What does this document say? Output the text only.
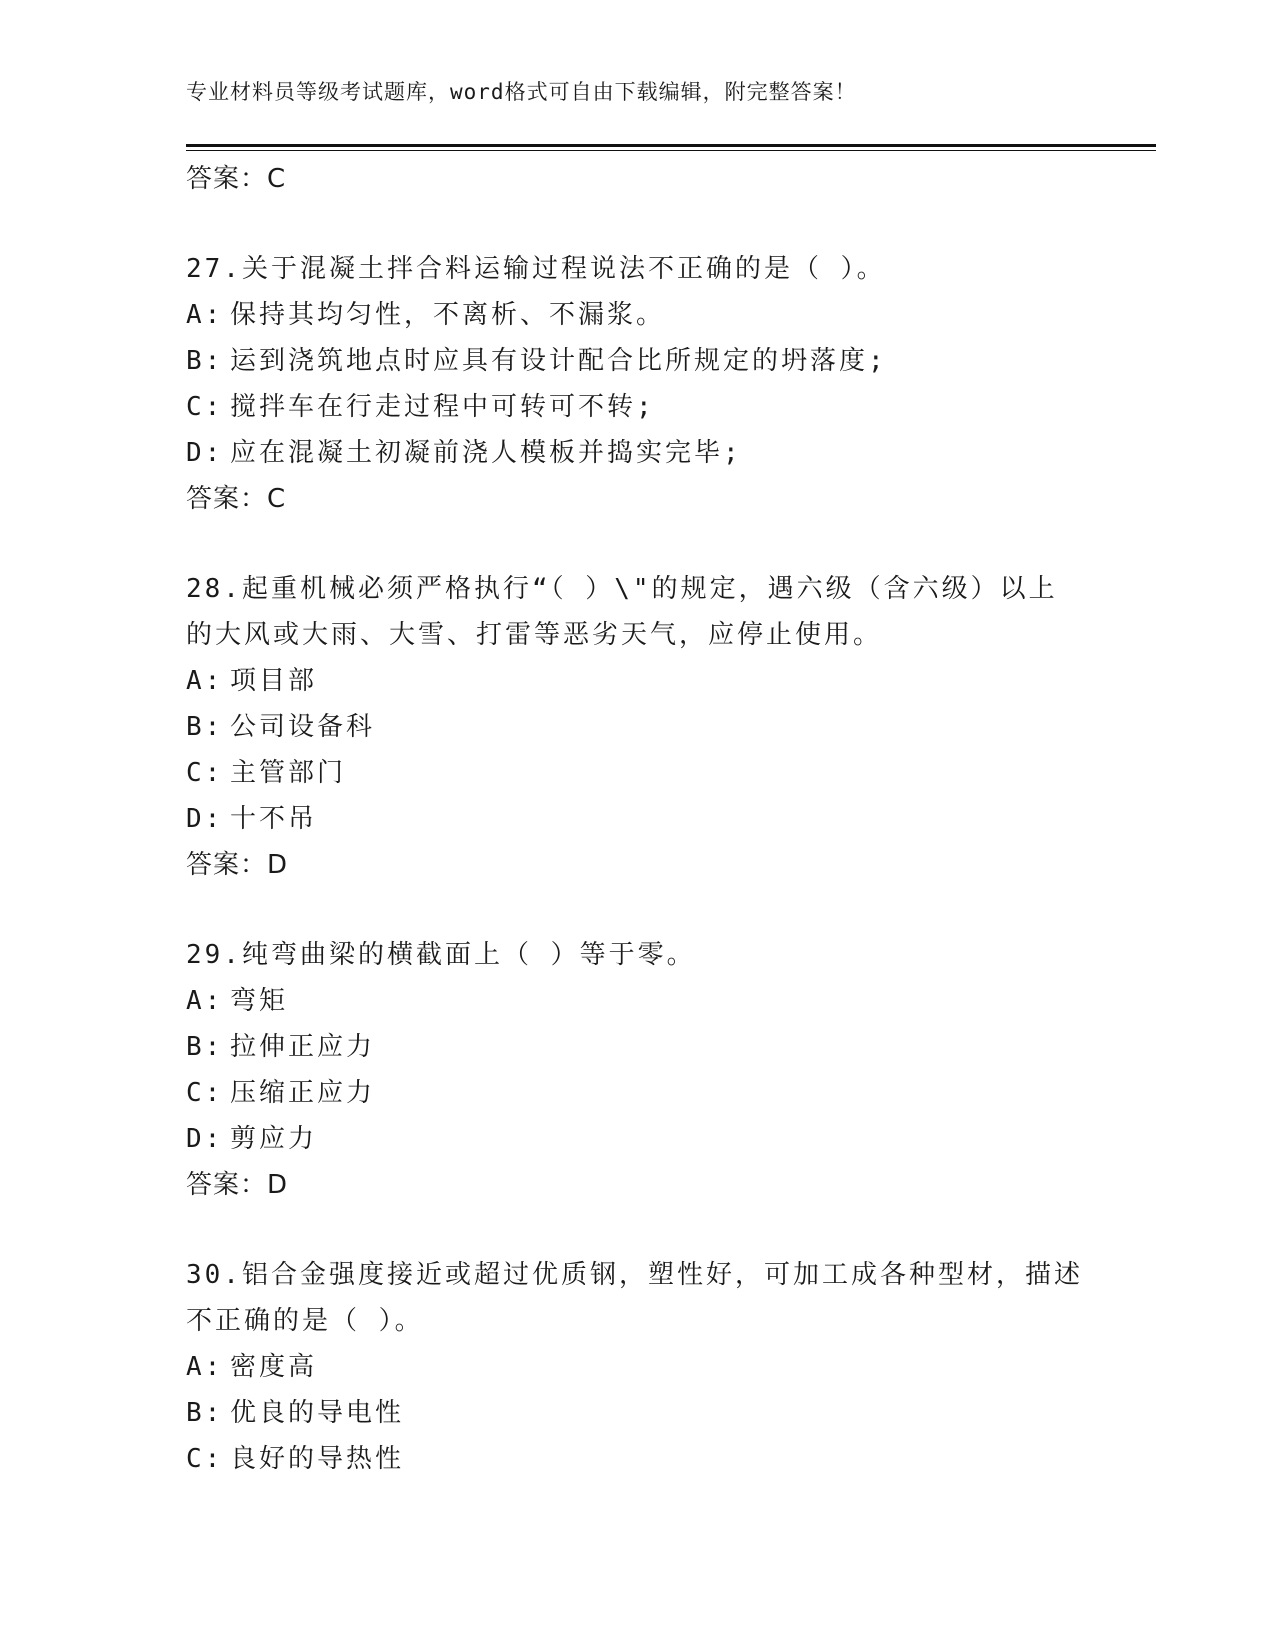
专业材料员等级考试题库，word格式可自由下载编辑，附完整答案！
答案：C
27.关于混凝土拌合料运输过程说法不正确的是（ ）。
A: 保持其均匀性，不离析、不漏浆。
B: 运到浇筑地点时应具有设计配合比所规定的坍落度;
C: 搅拌车在行走过程中可转可不转;
D: 应在混凝土初凝前浇人模板并捣实完毕;
答案：C
28.起重机械必须严格执行“（ ）\"的规定，遇六级（含六级）以上
的大风或大雨、大雪、打雷等恶劣天气，应停止使用。
A: 项目部
B: 公司设备科
C: 主管部门
D: 十不吊
答案：D
29.纯弯曲梁的横截面上（ ）等于零。
A: 弯矩
B: 拉伸正应力
C: 压缩正应力
D: 剪应力
答案：D
30.铝合金强度接近或超过优质钢，塑性好，可加工成各种型材，描述
不正确的是（ ）。
A: 密度高
B: 优良的导电性
C: 良好的导热性
